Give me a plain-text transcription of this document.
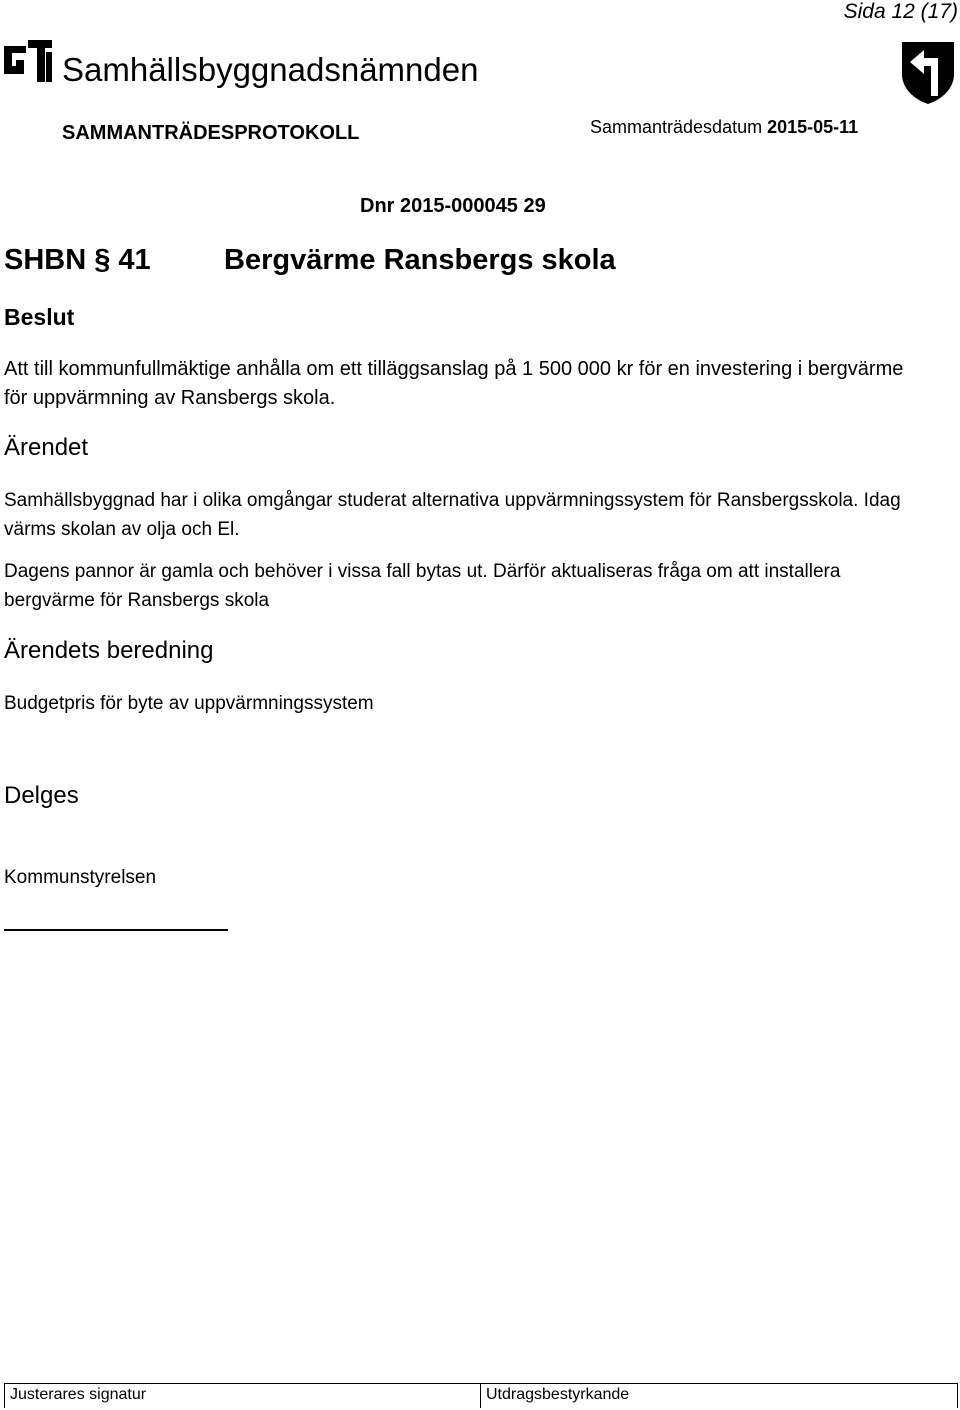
Sida 12 (17)
Samhällsbyggnadsnämnden
SAMMANTRÄDESPROTOKOLL	Sammanträdesdatum 2015-05-11
Dnr 2015-000045 29
SHBN § 41	Bergvärme Ransbergs skola
Beslut
Att till kommunfullmäktige anhålla om ett tilläggsanslag på 1 500 000 kr för en investering i bergvärme för uppvärmning av Ransbergs skola.
Ärendet
Samhällsbyggnad har i olika omgångar studerat alternativa uppvärmningssystem för Ransbergsskola. Idag värms skolan av olja och El.
Dagens pannor är gamla och behöver i vissa fall bytas ut. Därför aktualiseras fråga om att installera bergvärme för Ransbergs skola
Ärendets beredning
Budgetpris för byte av uppvärmningssystem
Delges
Kommunstyrelsen
Justerares signatur	Utdragsbestyrkande
